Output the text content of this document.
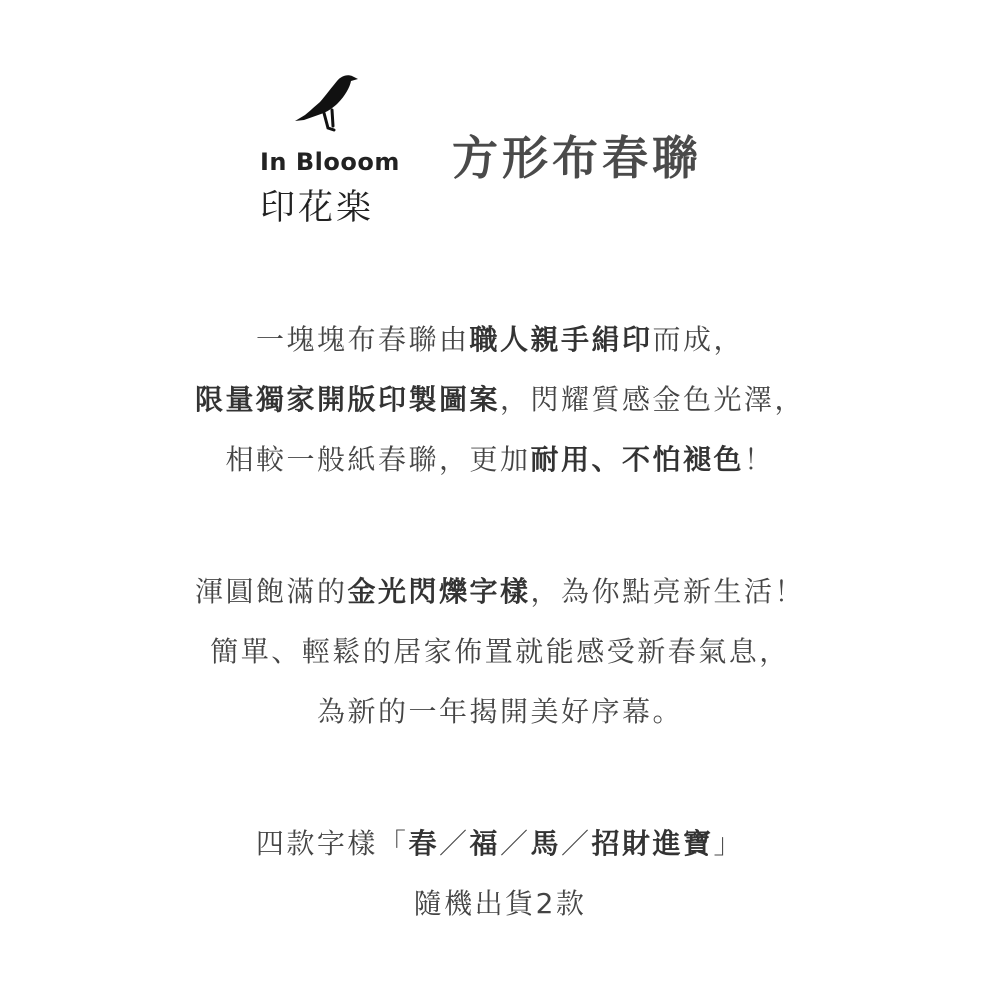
In Blooom
印花楽
方形布春聯
一塊塊布春聯由職人親手絹印而成，
限量獨家開版印製圖案，閃耀質感金色光澤，
相較一般紙春聯，更加耐用、不怕褪色！
渾圓飽滿的金光閃爍字樣，為你點亮新生活！
簡單、輕鬆的居家佈置就能感受新春氣息，
為新的一年揭開美好序幕。
四款字樣「春／福／馬／招財進寶」
隨機出貨2款
